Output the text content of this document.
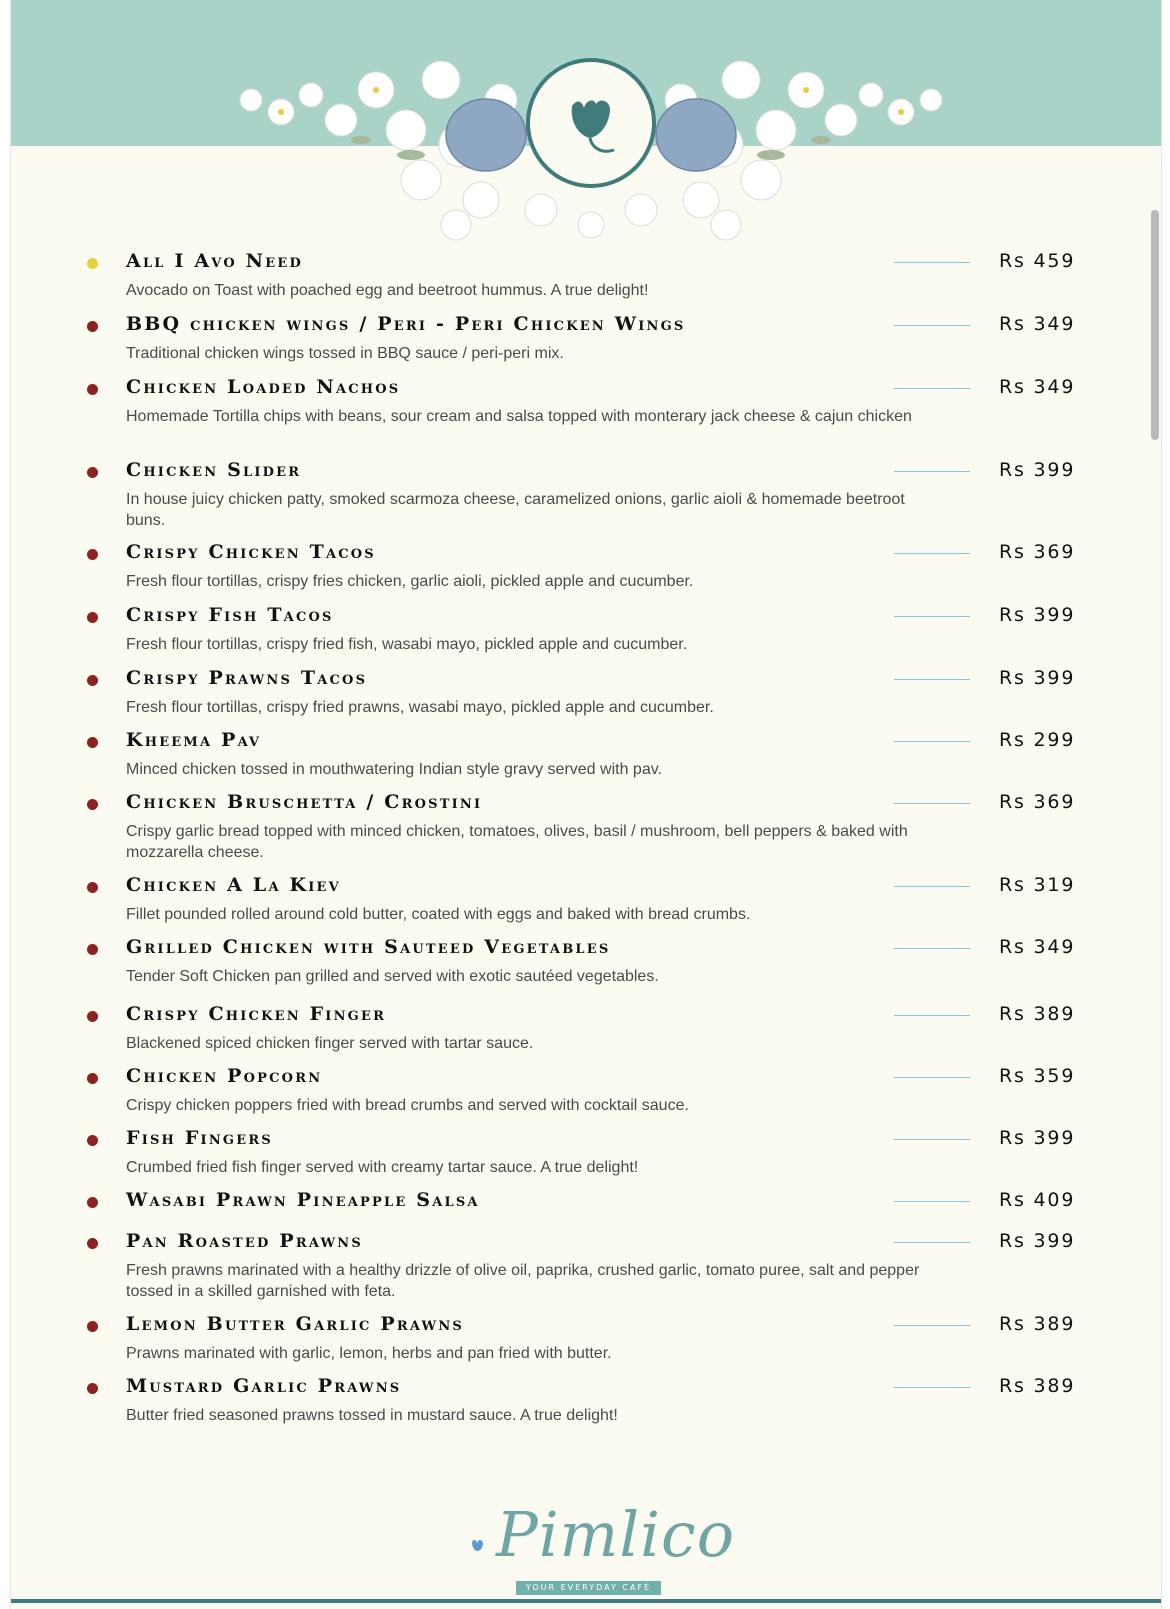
All I Avo Need	Rs 459
Avocado on Toast with poached egg and beetroot hummus. A true delight!
BBQ chicken wings / Peri - Peri Chicken Wings	Rs 349
Traditional chicken wings tossed in BBQ sauce / peri-peri mix.
Chicken Loaded Nachos	Rs 349
Homemade Tortilla chips with beans, sour cream and salsa topped with monterary jack cheese & cajun chicken
Chicken Slider	Rs 399
In house juicy chicken patty, smoked scarmoza cheese, caramelized onions, garlic aioli & homemade beetroot buns.
Crispy Chicken Tacos	Rs 369
Fresh flour tortillas, crispy fries chicken, garlic aioli, pickled apple and cucumber.
Crispy Fish Tacos	Rs 399
Fresh flour tortillas, crispy fried fish, wasabi mayo, pickled apple and cucumber.
Crispy Prawns Tacos	Rs 399
Fresh flour tortillas, crispy fried prawns, wasabi mayo, pickled apple and cucumber.
Kheema Pav	Rs 299
Minced chicken tossed in mouthwatering Indian style gravy served with pav.
Chicken Bruschetta / Crostini	Rs 369
Crispy garlic bread topped with minced chicken, tomatoes, olives, basil / mushroom, bell peppers & baked with mozzarella cheese.
Chicken A La Kiev	Rs 319
Fillet pounded rolled around cold butter, coated with eggs and baked with bread crumbs.
Grilled Chicken with Sauteed Vegetables	Rs 349
Tender Soft Chicken pan grilled and served with exotic sautéed vegetables.
Crispy Chicken Finger	Rs 389
Blackened spiced chicken finger served with tartar sauce.
Chicken Popcorn	Rs 359
Crispy chicken poppers fried with bread crumbs and served with cocktail sauce.
Fish Fingers	Rs 399
Crumbed fried fish finger served with creamy tartar sauce. A true delight!
Wasabi Prawn Pineapple Salsa	Rs 409
Pan Roasted Prawns	Rs 399
Fresh prawns marinated with a healthy drizzle of olive oil, paprika, crushed garlic, tomato puree, salt and pepper tossed in a skilled garnished with feta.
Lemon Butter Garlic Prawns	Rs 389
Prawns marinated with garlic, lemon, herbs and pan fried with butter.
Mustard Garlic Prawns	Rs 389
Butter fried seasoned prawns tossed in mustard sauce. A true delight!
Pimlico
YOUR EVERYDAY CAFÉ
